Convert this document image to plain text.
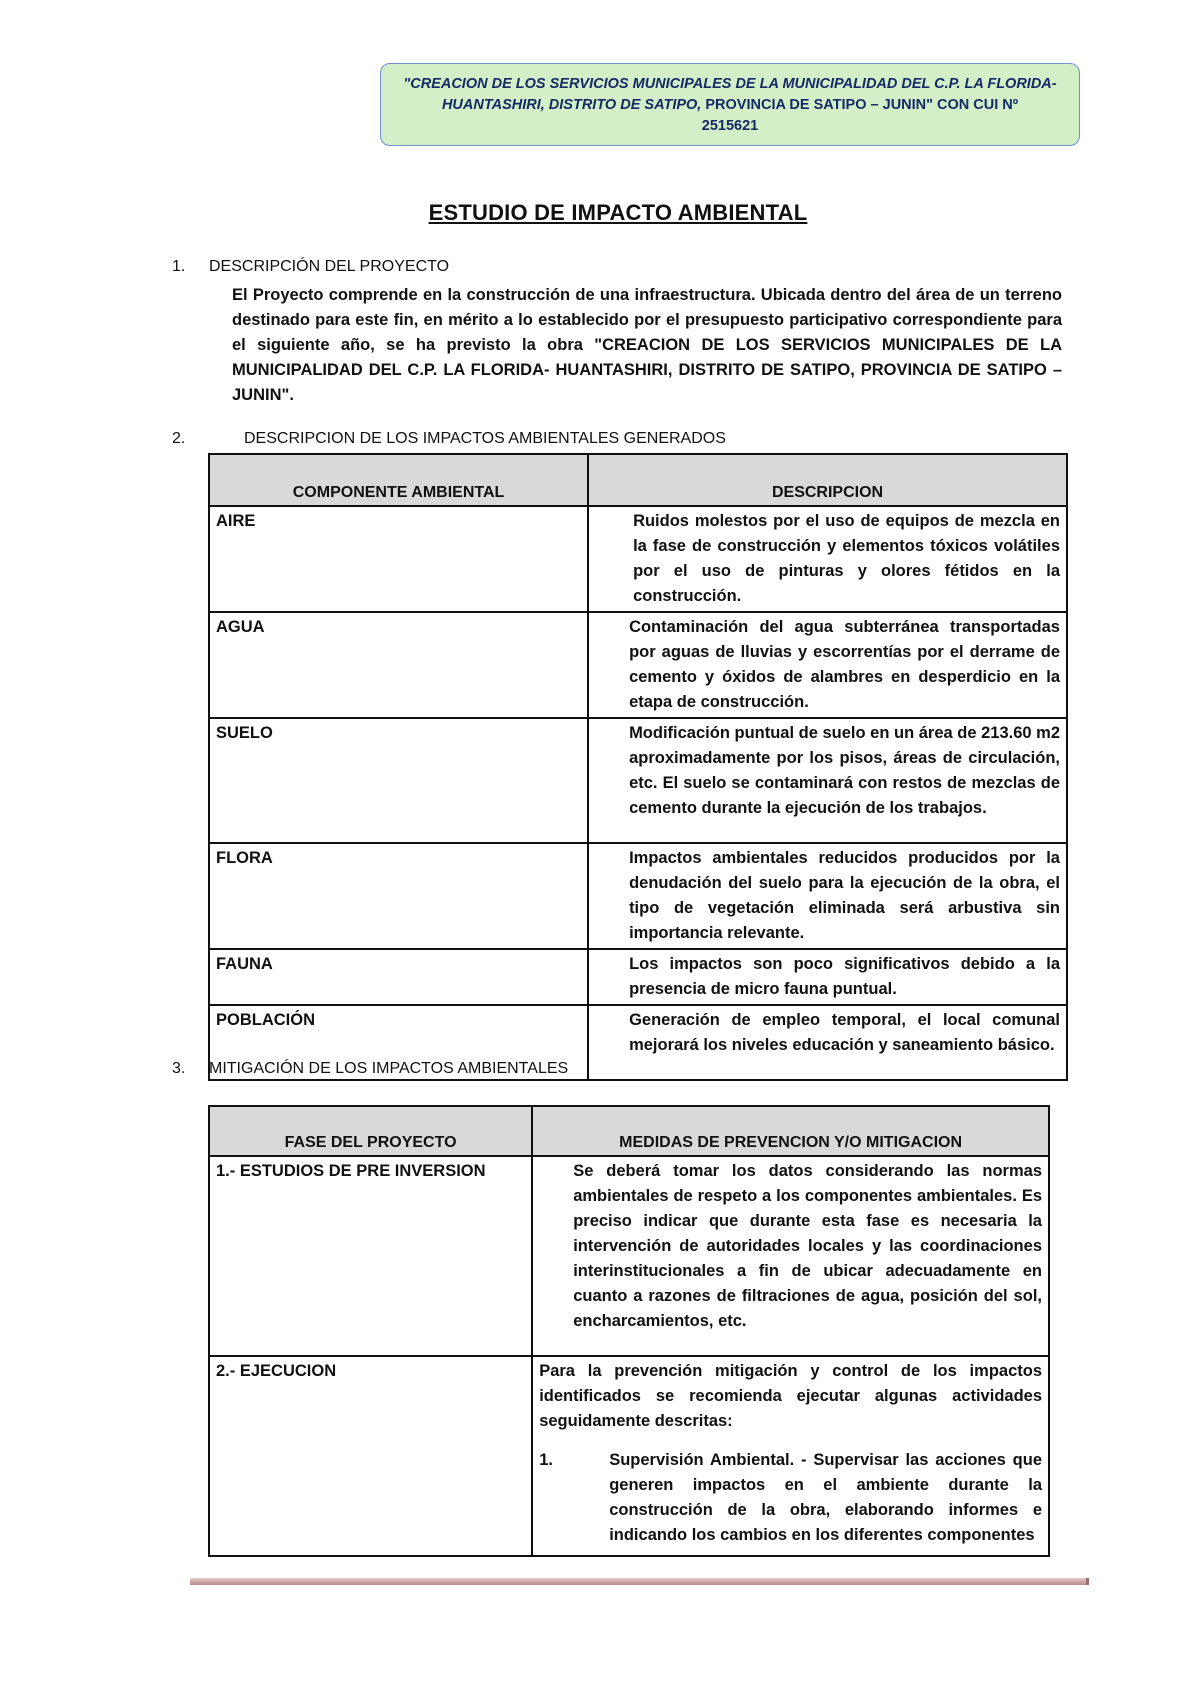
"CREACION DE LOS SERVICIOS MUNICIPALES DE LA MUNICIPALIDAD DEL C.P. LA FLORIDA-
HUANTASHIRI, DISTRITO DE SATIPO, PROVINCIA DE SATIPO – JUNIN" CON CUI Nº
2515621
ESTUDIO DE IMPACTO AMBIENTAL
1. DESCRIPCIÓN DEL PROYECTO
El Proyecto comprende en la construcción de una infraestructura. Ubicada dentro del área de un terreno destinado para este fin, en mérito a lo establecido por el presupuesto participativo correspondiente para el siguiente año, se ha previsto la obra "CREACION DE LOS SERVICIOS MUNICIPALES DE LA MUNICIPALIDAD DEL C.P. LA FLORIDA- HUANTASHIRI, DISTRITO DE SATIPO, PROVINCIA DE SATIPO – JUNIN".
2.	DESCRIPCION DE LOS IMPACTOS AMBIENTALES GENERADOS
COMPONENTE AMBIENTAL	DESCRIPCION
AIRE	Ruidos molestos por el uso de equipos de mezcla en la fase de construcción y elementos tóxicos volátiles por el uso de pinturas y olores fétidos en la construcción.
AGUA	Contaminación del agua subterránea transportadas por aguas de lluvias y escorrentías por el derrame de cemento y óxidos de alambres en desperdicio en la etapa de construcción.
SUELO	Modificación puntual de suelo en un área de 213.60 m2 aproximadamente por los pisos, áreas de circulación, etc. El suelo se contaminará con restos de mezclas de cemento durante la ejecución de los trabajos.
FLORA	Impactos ambientales reducidos producidos por la denudación del suelo para la ejecución de la obra, el tipo de vegetación eliminada será arbustiva sin importancia relevante.
FAUNA	Los impactos son poco significativos debido a la presencia de micro fauna puntual.
POBLACIÓN	Generación de empleo temporal, el local comunal mejorará los niveles educación y saneamiento básico.
3. MITIGACIÓN DE LOS IMPACTOS AMBIENTALES
FASE DEL PROYECTO	MEDIDAS DE PREVENCION Y/O MITIGACION
1.- ESTUDIOS DE PRE INVERSION	Se deberá tomar los datos considerando las normas ambientales de respeto a los componentes ambientales. Es preciso indicar que durante esta fase es necesaria la intervención de autoridades locales y las coordinaciones interinstitucionales a fin de ubicar adecuadamente en cuanto a razones de filtraciones de agua, posición del sol, encharcamientos, etc.
2.- EJECUCION	Para la prevención mitigación y control de los impactos identificados se recomienda ejecutar algunas actividades seguidamente descritas:
1. Supervisión Ambiental. - Supervisar las acciones que generen impactos en el ambiente durante la construcción de la obra, elaborando informes e indicando los cambios en los diferentes componentes
